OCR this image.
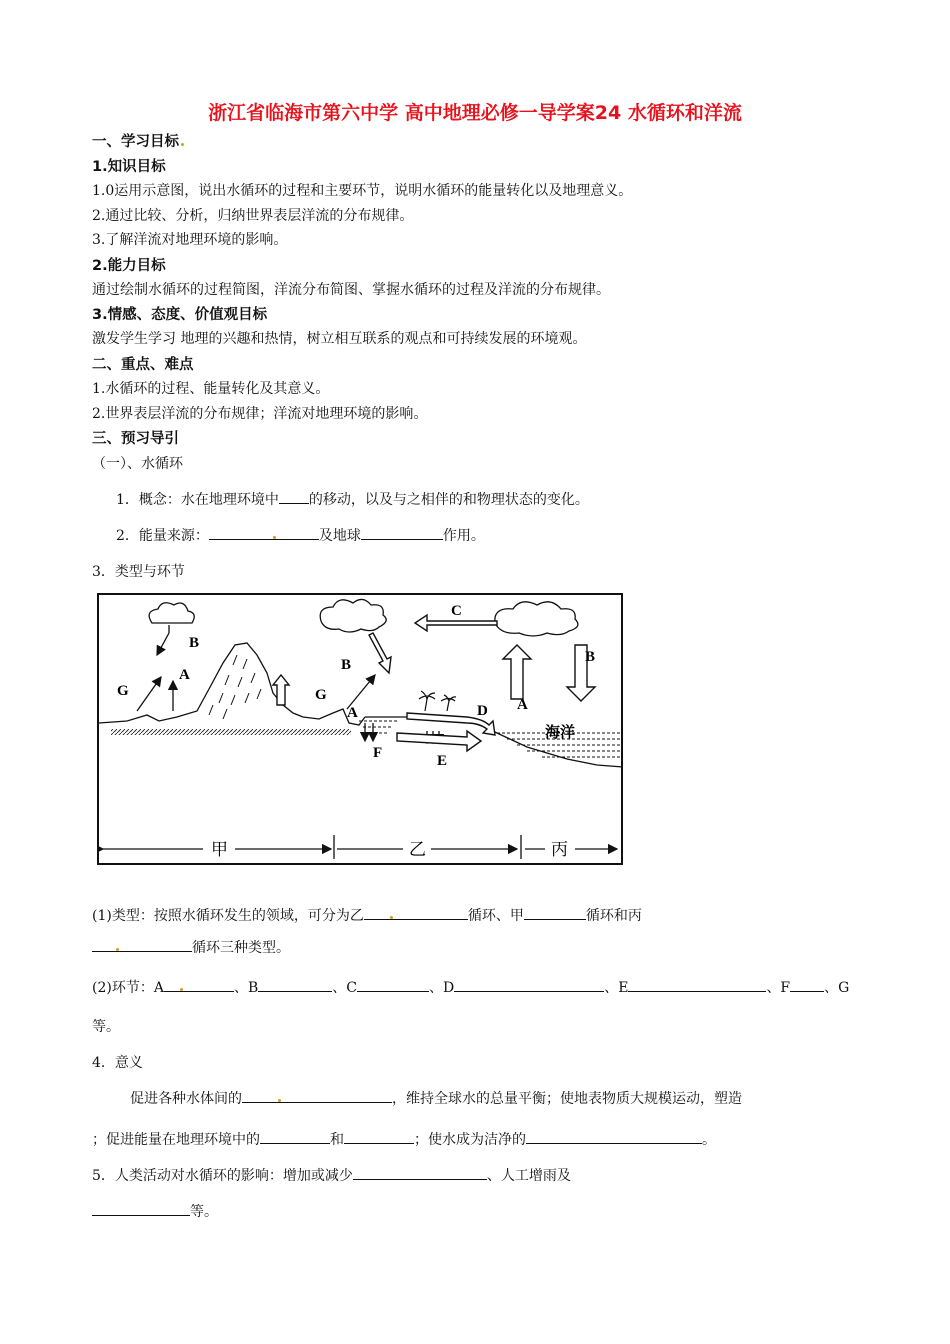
浙江省临海市第六中学 高中地理必修一导学案24 水循环和洋流
一、学习目标
1.知识目标
1.0运用示意图，说出水循环的过程和主要环节，说明水循环的能量转化以及地理意义。
2.通过比较、分析，归纳世界表层洋流的分布规律。
3.了解洋流对地理环境的影响。
2.能力目标
通过绘制水循环的过程简图，洋流分布简图、掌握水循环的过程及洋流的分布规律。
3.情感、态度、价值观目标
激发学生学习 地理的兴趣和热情，树立相互联系的观点和可持续发展的环境观。
二、重点、难点
1.水循环的过程、能量转化及其意义。
2.世界表层洋流的分布规律；洋流对地理环境的影响。
三、预习导引
（一）、水循环
1．概念：水在地理环境中 的移动，以及与之相伴的和物理状态的变化。
2．能量来源：	及地球	作用。
3．类型与环节
B
G
A
B
G
A
F
C
D
E
A
B
海洋
甲	乙	丙
(1)类型：按照水循环发生的领域，可分为乙	循环、甲	循环和丙
循环三种类型。
(2)环节：A	、B	、C	、D	、E	、F 、G
等。
4．意义
促进各种水体间的	，维持全球水的总量平衡；使地表物质大规模运动，塑造
；促进能量在地理环境中的	和	；使水成为洁净的	。
5．人类活动对水循环的影响：增加或减少	、人工增雨及
等。
